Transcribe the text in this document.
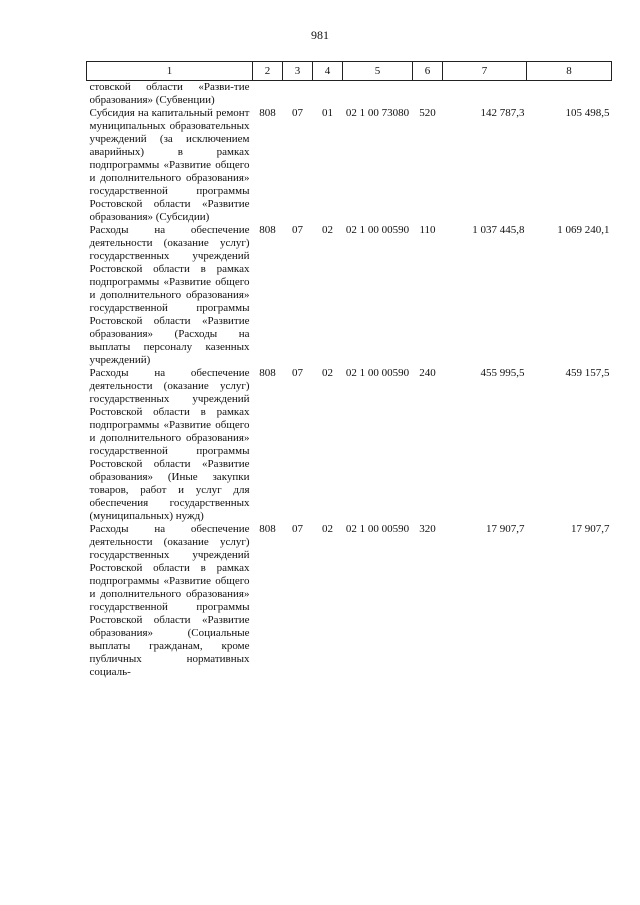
981
1	2	3	4	5	6	7	8
стовской области «Разви-тие образования» (Субвенции)							
Субсидия на капитальный ремонт муниципальных образовательных учреждений (за исключением аварийных) в рамках подпрограммы «Развитие общего и дополнительного образования» государственной программы Ростовской области «Развитие образования» (Субсидии)	808	07	01	02 1 00 73080	520	142 787,3	105 498,5
Расходы на обеспечение деятельности (оказание услуг) государственных учреждений Ростовской области в рамках подпрограммы «Развитие общего и дополнительного образования» государственной программы Ростовской области «Развитие образования» (Расходы на выплаты персоналу казенных учреждений)	808	07	02	02 1 00 00590	110	1 037 445,8	1 069 240,1
Расходы на обеспечение деятельности (оказание услуг) государственных учреждений Ростовской области в рамках подпрограммы «Развитие общего и дополнительного образования» государственной программы Ростовской области «Развитие образования» (Иные закупки товаров, работ и услуг для обеспечения государственных (муниципальных) нужд)	808	07	02	02 1 00 00590	240	455 995,5	459 157,5
Расходы на обеспечение деятельности (оказание услуг) государственных учреждений Ростовской области в рамках подпрограммы «Развитие общего и дополнительного образования» государственной программы Ростовской области «Развитие образования» (Социальные выплаты гражданам, кроме публичных нормативных социаль-	808	07	02	02 1 00 00590	320	17 907,7	17 907,7
